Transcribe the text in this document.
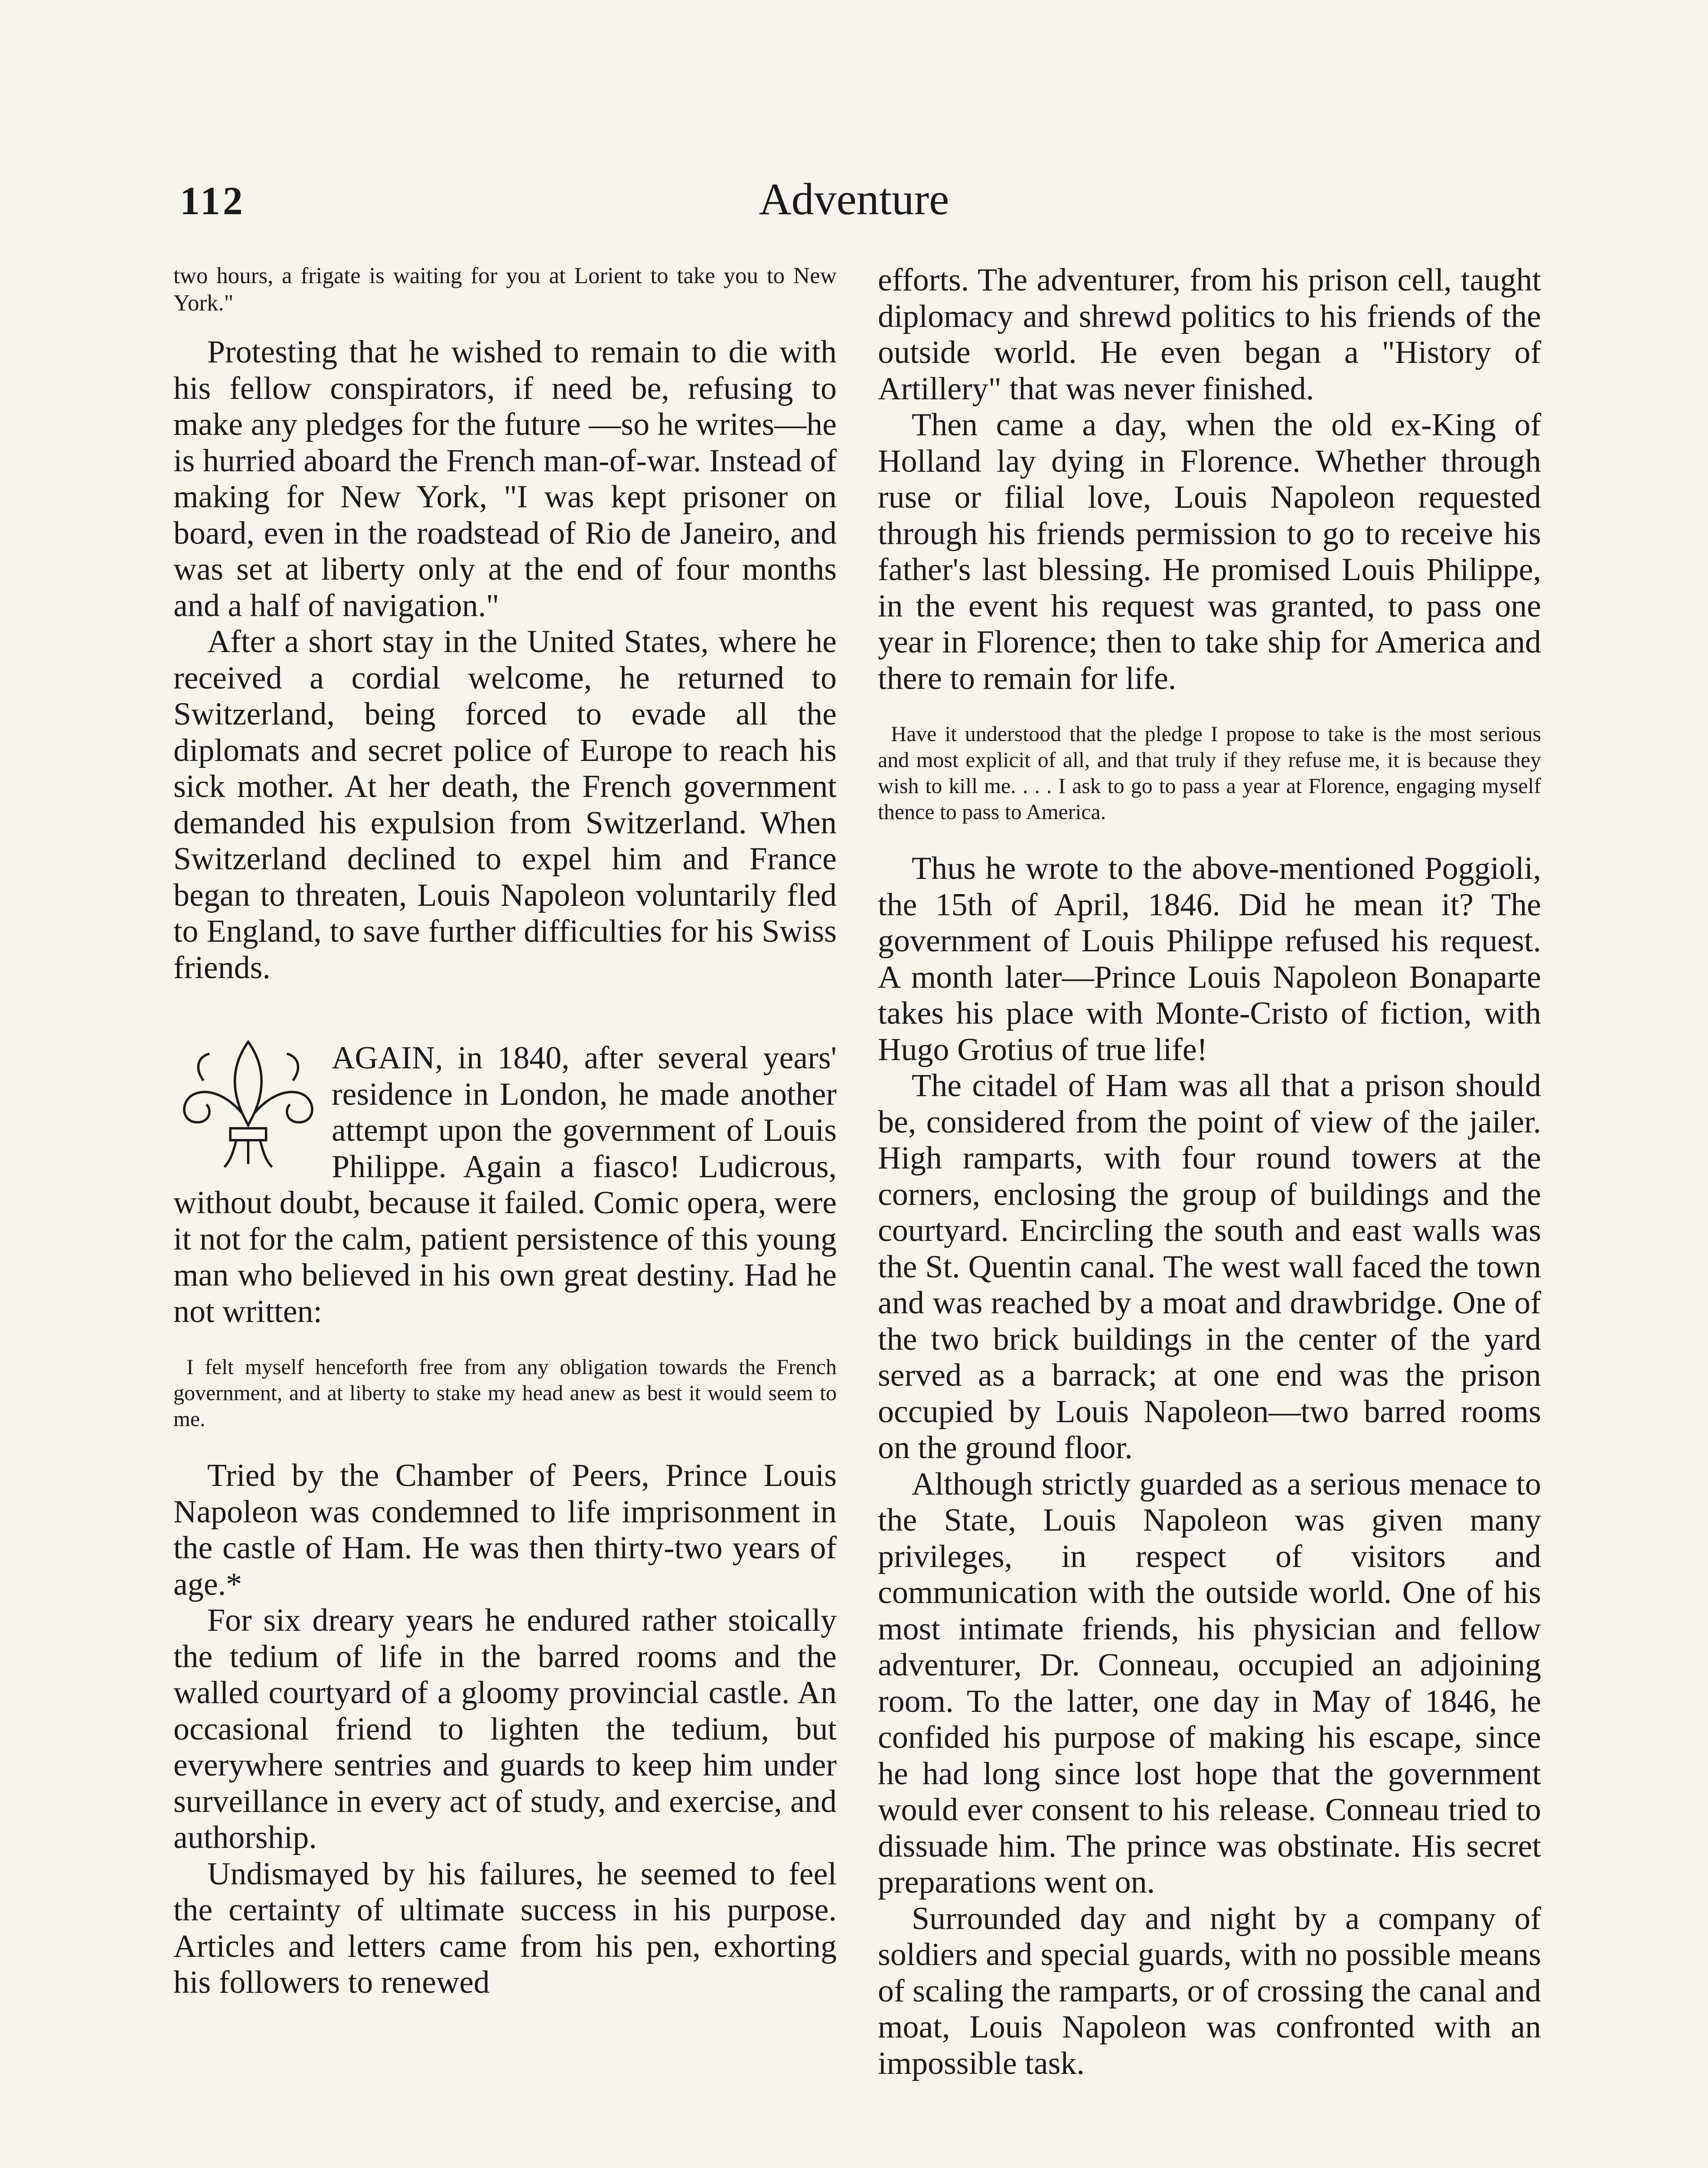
112	Adventure

two hours, a frigate is waiting for you at Lorient to take you to New York."

Protesting that he wished to remain to die with his fellow conspirators, if need be, refusing to make any pledges for the future —so he writes—he is hurried aboard the French man-of-war. Instead of making for New York, "I was kept prisoner on board, even in the roadstead of Rio de Janeiro, and was set at liberty only at the end of four months and a half of navigation."

After a short stay in the United States, where he received a cordial welcome, he returned to Switzerland, being forced to evade all the diplomats and secret police of Europe to reach his sick mother. At her death, the French government demanded his expulsion from Switzerland. When Switzerland declined to expel him and France began to threaten, Louis Napoleon voluntarily fled to England, to save further difficulties for his Swiss friends.

AGAIN, in 1840, after several years' residence in London, he made another attempt upon the government of Louis Philippe. Again a fiasco! Ludicrous, without doubt, because it failed. Comic opera, were it not for the calm, patient persistence of this young man who believed in his own great destiny. Had he not written:

I felt myself henceforth free from any obligation towards the French government, and at liberty to stake my head anew as best it would seem to me.

Tried by the Chamber of Peers, Prince Louis Napoleon was condemned to life imprisonment in the castle of Ham. He was then thirty-two years of age.*

For six dreary years he endured rather stoically the tedium of life in the barred rooms and the walled courtyard of a gloomy provincial castle. An occasional friend to lighten the tedium, but everywhere sentries and guards to keep him under surveillance in every act of study, and exercise, and authorship.

Undismayed by his failures, he seemed to feel the certainty of ultimate success in his purpose. Articles and letters came from his pen, exhorting his followers to renewed

efforts. The adventurer, from his prison cell, taught diplomacy and shrewd politics to his friends of the outside world. He even began a "History of Artillery" that was never finished.

Then came a day, when the old ex-King of Holland lay dying in Florence. Whether through ruse or filial love, Louis Napoleon requested through his friends permission to go to receive his father's last blessing. He promised Louis Philippe, in the event his request was granted, to pass one year in Florence; then to take ship for America and there to remain for life.

Have it understood that the pledge I propose to take is the most serious and most explicit of all, and that truly if they refuse me, it is because they wish to kill me. . . . I ask to go to pass a year at Florence, engaging myself thence to pass to America.

Thus he wrote to the above-mentioned Poggioli, the 15th of April, 1846. Did he mean it? The government of Louis Philippe refused his request. A month later—Prince Louis Napoleon Bonaparte takes his place with Monte-Cristo of fiction, with Hugo Grotius of true life!

The citadel of Ham was all that a prison should be, considered from the point of view of the jailer. High ramparts, with four round towers at the corners, enclosing the group of buildings and the courtyard. Encircling the south and east walls was the St. Quentin canal. The west wall faced the town and was reached by a moat and drawbridge. One of the two brick buildings in the center of the yard served as a barrack; at one end was the prison occupied by Louis Napoleon—two barred rooms on the ground floor.

Although strictly guarded as a serious menace to the State, Louis Napoleon was given many privileges, in respect of visitors and communication with the outside world. One of his most intimate friends, his physician and fellow adventurer, Dr. Conneau, occupied an adjoining room. To the latter, one day in May of 1846, he confided his purpose of making his escape, since he had long since lost hope that the government would ever consent to his release. Conneau tried to dissuade him. The prince was obstinate. His secret preparations went on.

Surrounded day and night by a company of soldiers and special guards, with no possible means of scaling the ramparts, or of crossing the canal and moat, Louis Napoleon was confronted with an impossible task.
